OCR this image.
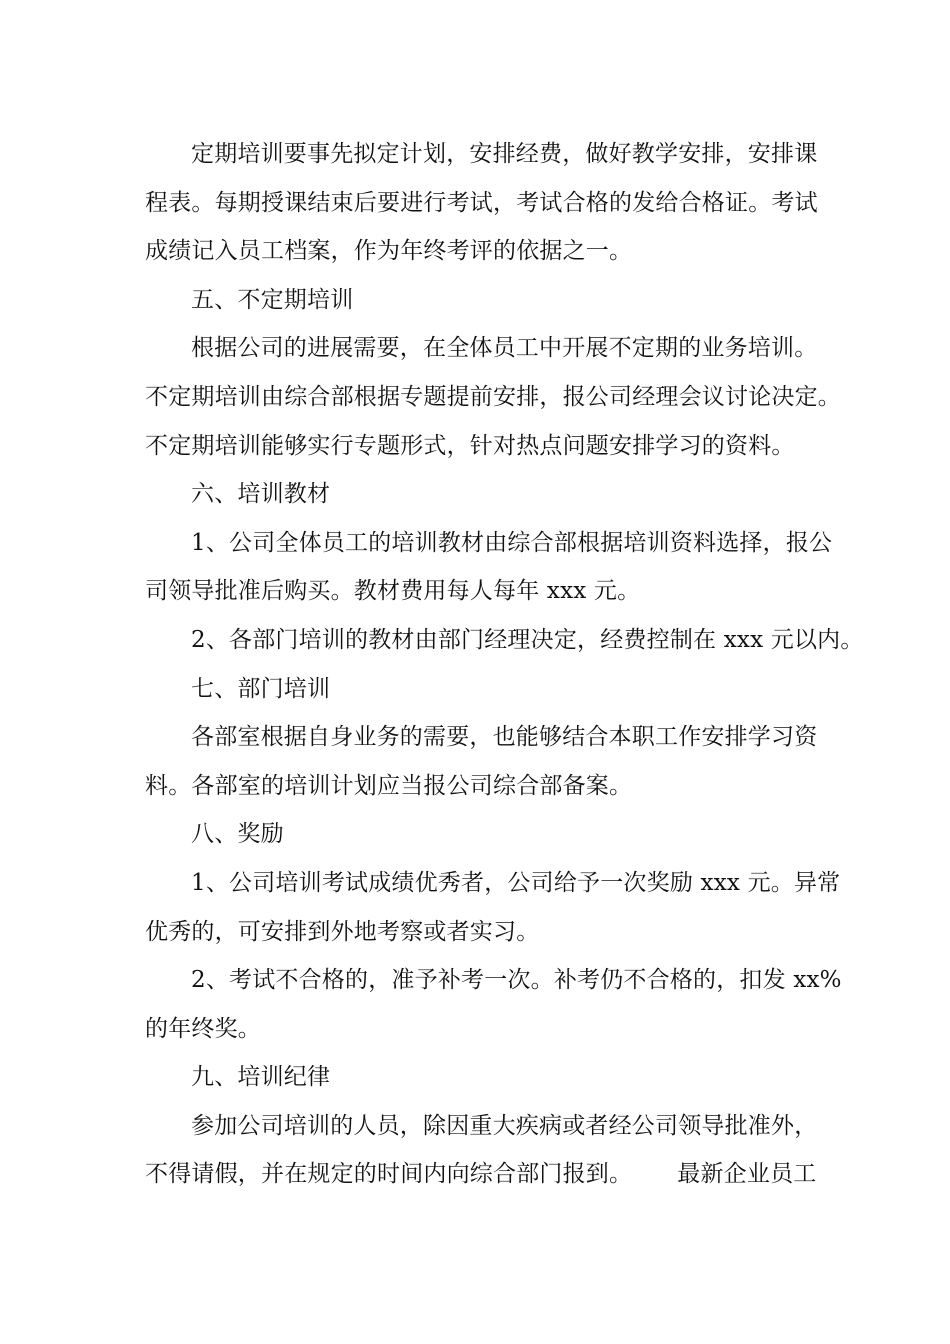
定期培训要事先拟定计划，安排经费，做好教学安排，安排课
程表。每期授课结束后要进行考试，考试合格的发给合格证。考试
成绩记入员工档案，作为年终考评的依据之一。
五、不定期培训
根据公司的进展需要，在全体员工中开展不定期的业务培训。
不定期培训由综合部根据专题提前安排，报公司经理会议讨论决定。
不定期培训能够实行专题形式，针对热点问题安排学习的资料。
六、培训教材
1、公司全体员工的培训教材由综合部根据培训资料选择，报公
司领导批准后购买。教材费用每人每年 xxx 元。
2、各部门培训的教材由部门经理决定，经费控制在 xxx 元以内。
七、部门培训
各部室根据自身业务的需要，也能够结合本职工作安排学习资
料。各部室的培训计划应当报公司综合部备案。
八、奖励
1、公司培训考试成绩优秀者，公司给予一次奖励 xxx 元。异常
优秀的，可安排到外地考察或者实习。
2、考试不合格的，准予补考一次。补考仍不合格的，扣发 xx%
的年终奖。
九、培训纪律
参加公司培训的人员，除因重大疾病或者经公司领导批准外，
不得请假，并在规定的时间内向综合部门报到。      最新企业员工
